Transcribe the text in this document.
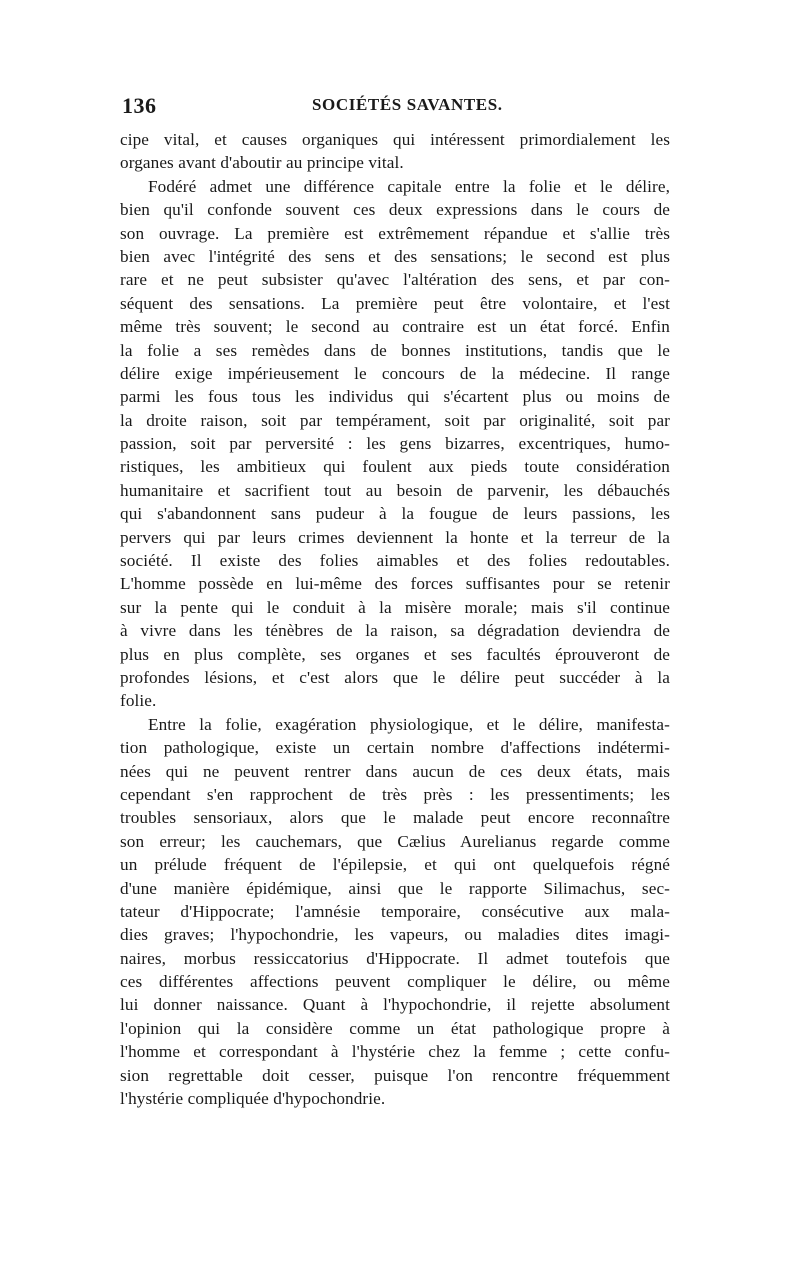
136	SOCIÉTÉS SAVANTES.
cipe vital, et causes organiques qui intéressent primordialement les
organes avant d'aboutir au principe vital.
Fodéré admet une différence capitale entre la folie et le délire,
bien qu'il confonde souvent ces deux expressions dans le cours de
son ouvrage. La première est extrêmement répandue et s'allie très
bien avec l'intégrité des sens et des sensations; le second est plus
rare et ne peut subsister qu'avec l'altération des sens, et par con-
séquent des sensations. La première peut être volontaire, et l'est
même très souvent; le second au contraire est un état forcé. Enfin
la folie a ses remèdes dans de bonnes institutions, tandis que le
délire exige impérieusement le concours de la médecine. Il range
parmi les fous tous les individus qui s'écartent plus ou moins de
la droite raison, soit par tempérament, soit par originalité, soit par
passion, soit par perversité : les gens bizarres, excentriques, humo-
ristiques, les ambitieux qui foulent aux pieds toute considération
humanitaire et sacrifient tout au besoin de parvenir, les débauchés
qui s'abandonnent sans pudeur à la fougue de leurs passions, les
pervers qui par leurs crimes deviennent la honte et la terreur de la
société. Il existe des folies aimables et des folies redoutables.
L'homme possède en lui-même des forces suffisantes pour se retenir
sur la pente qui le conduit à la misère morale; mais s'il continue
à vivre dans les ténèbres de la raison, sa dégradation deviendra de
plus en plus complète, ses organes et ses facultés éprouveront de
profondes lésions, et c'est alors que le délire peut succéder à la
folie.
Entre la folie, exagération physiologique, et le délire, manifesta-
tion pathologique, existe un certain nombre d'affections indétermi-
nées qui ne peuvent rentrer dans aucun de ces deux états, mais
cependant s'en rapprochent de très près : les pressentiments; les
troubles sensoriaux, alors que le malade peut encore reconnaître
son erreur; les cauchemars, que Cælius Aurelianus regarde comme
un prélude fréquent de l'épilepsie, et qui ont quelquefois régné
d'une manière épidémique, ainsi que le rapporte Silimachus, sec-
tateur d'Hippocrate; l'amnésie temporaire, consécutive aux mala-
dies graves; l'hypochondrie, les vapeurs, ou maladies dites imagi-
naires, morbus ressiccatorius d'Hippocrate. Il admet toutefois que
ces différentes affections peuvent compliquer le délire, ou même
lui donner naissance. Quant à l'hypochondrie, il rejette absolument
l'opinion qui la considère comme un état pathologique propre à
l'homme et correspondant à l'hystérie chez la femme ; cette confu-
sion regrettable doit cesser, puisque l'on rencontre fréquemment
l'hystérie compliquée d'hypochondrie.
